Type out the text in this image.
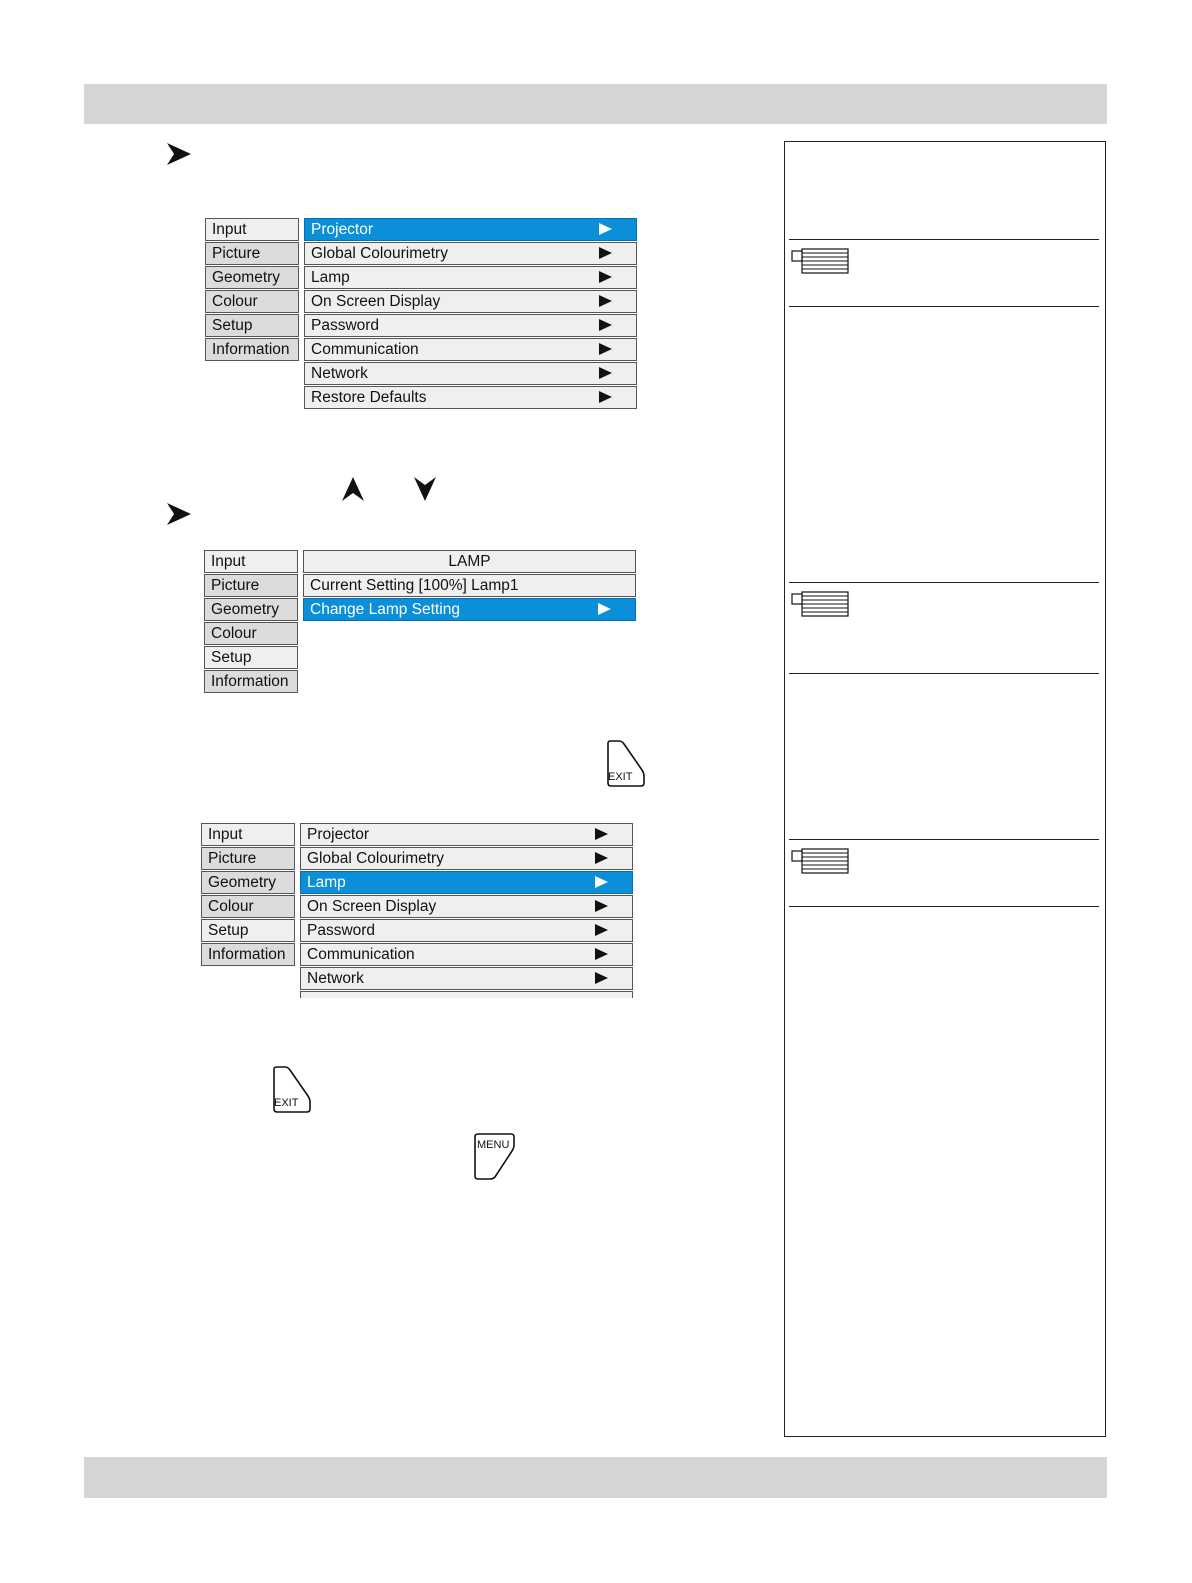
Input
Picture
Geometry
Colour
Setup
Information
Projector
Global Colourimetry
Lamp
On Screen Display
Password
Communication
Network
Restore Defaults
Input
Picture
Geometry
Colour
Setup
Information
LAMP
Current Setting [100%] Lamp1
Change Lamp Setting
EXIT
Input
Picture
Geometry
Colour
Setup
Information
Projector
Global Colourimetry
Lamp
On Screen Display
Password
Communication
Network
EXIT
MENU
